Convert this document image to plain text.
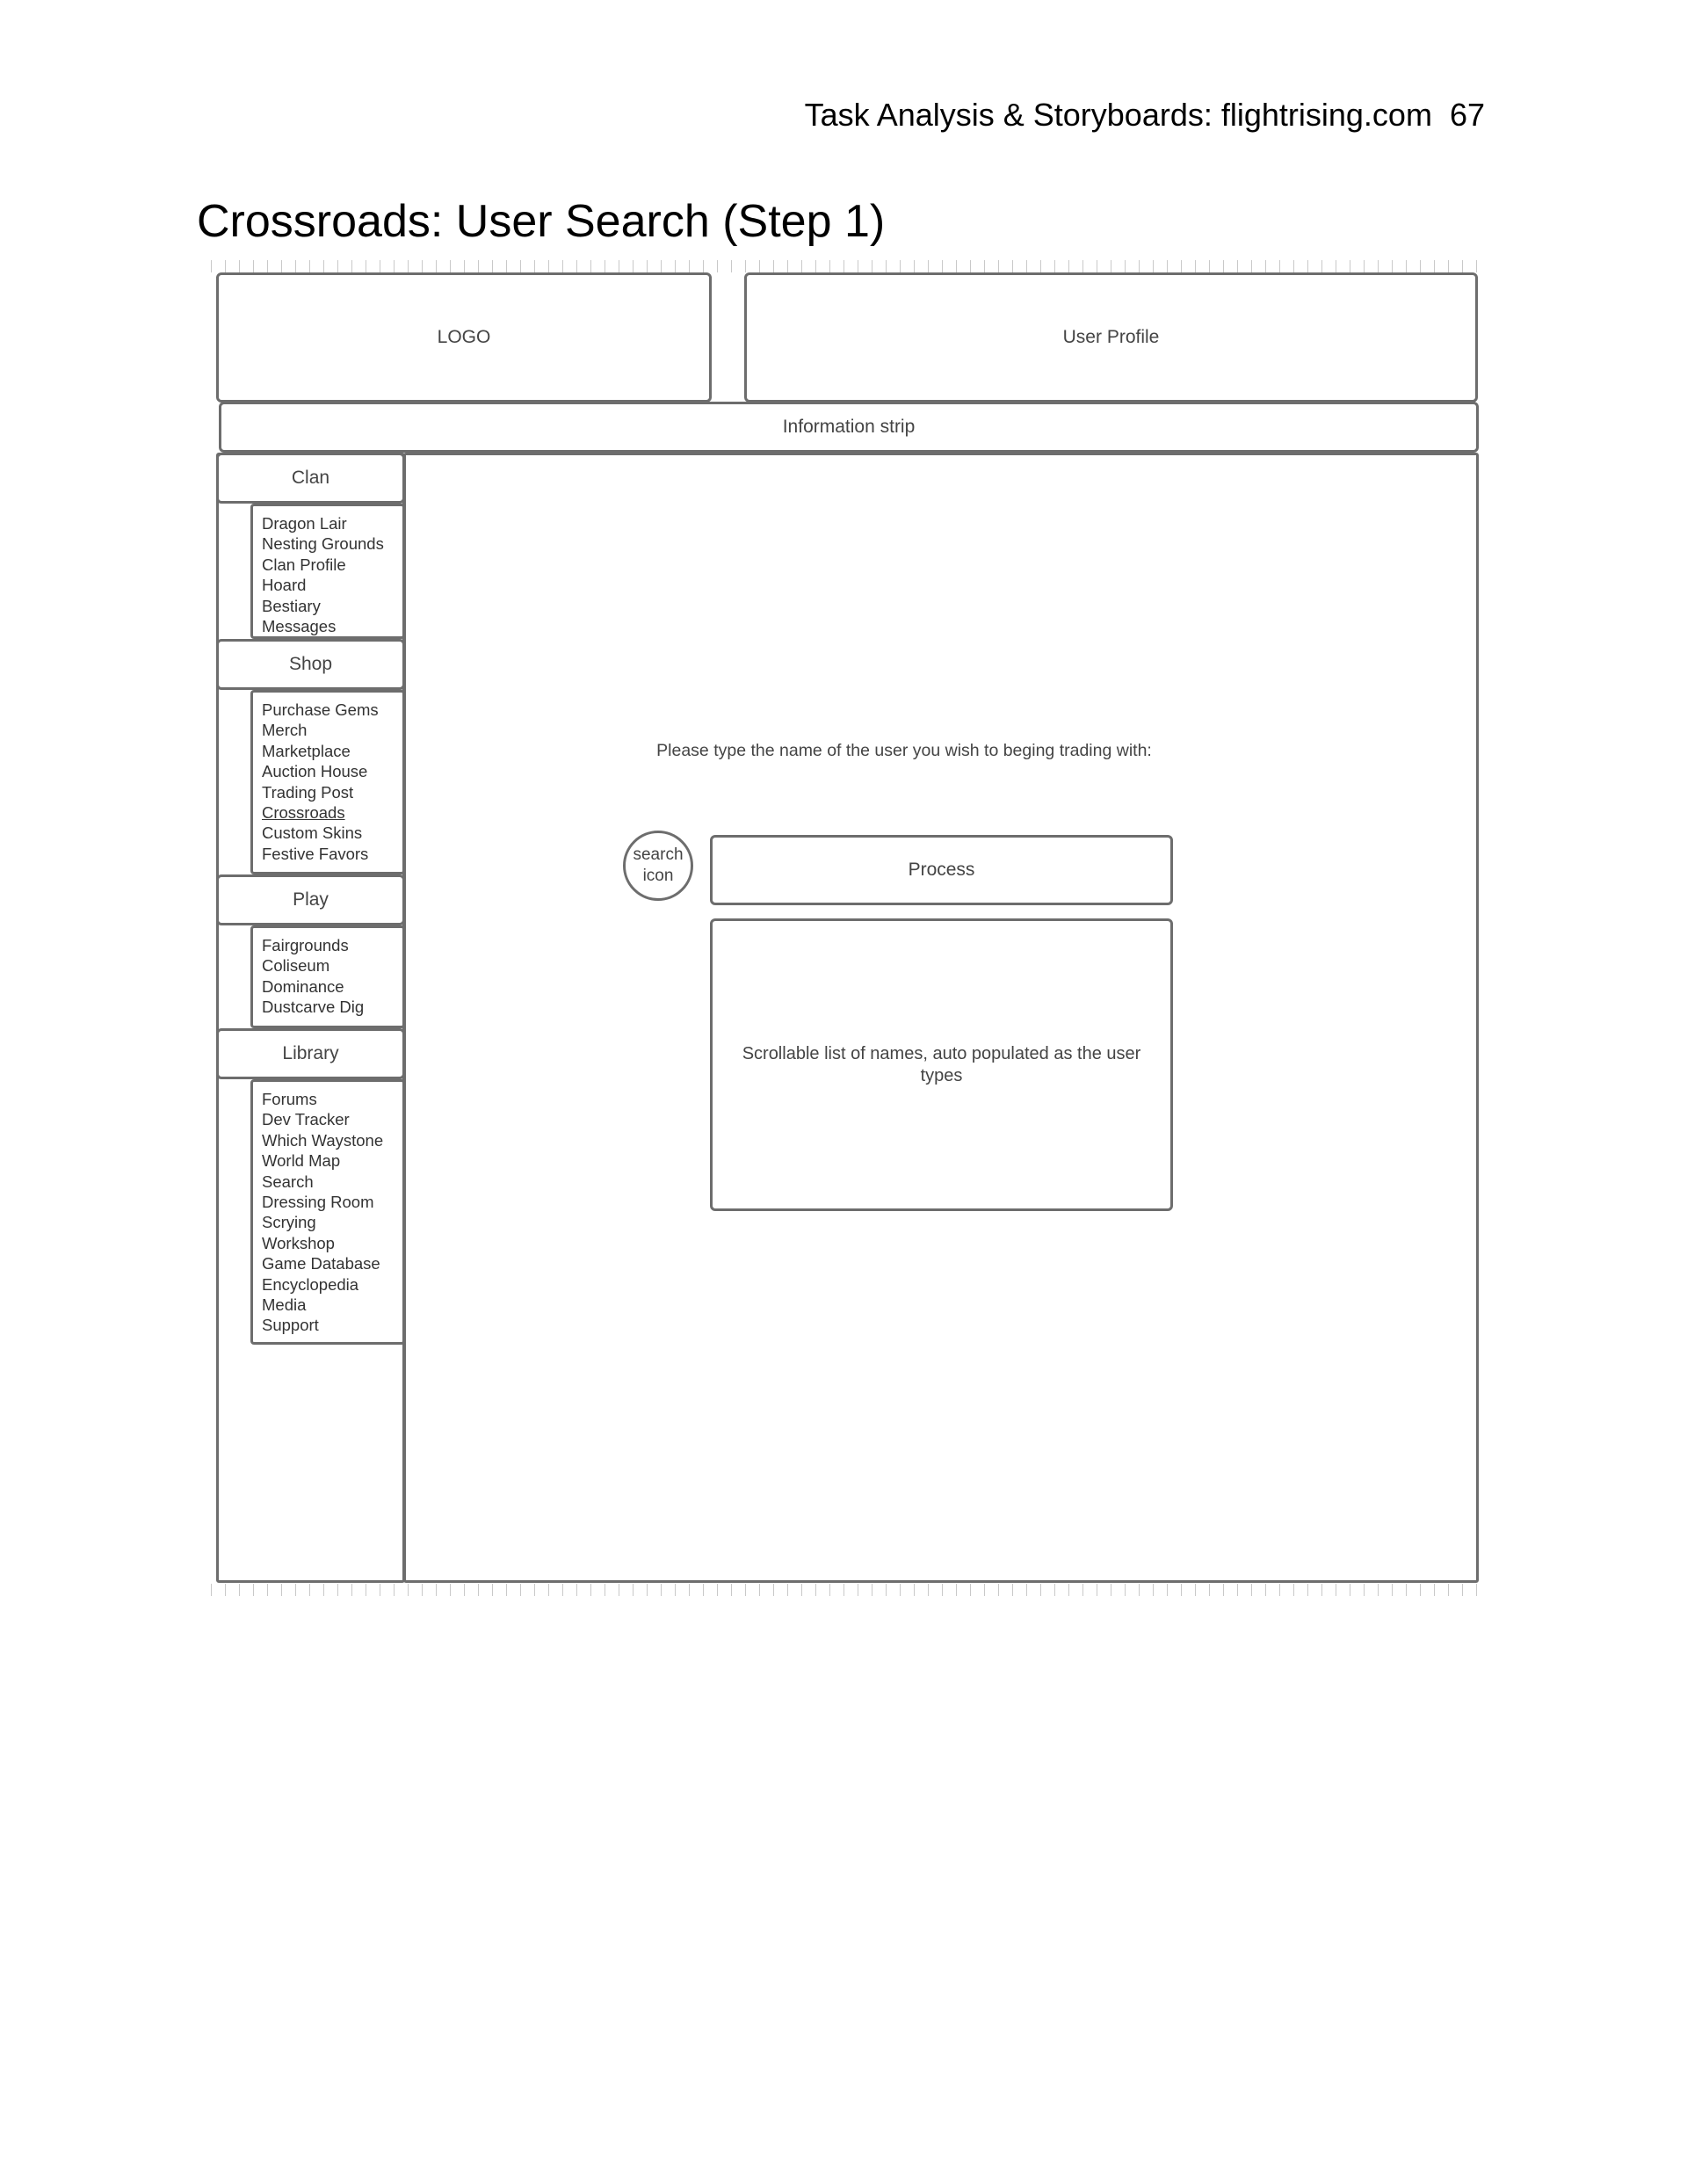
Task Analysis & Storyboards: flightrising.com  67
Crossroads: User Search (Step 1)
LOGO	User Profile
Information strip
Clan
Dragon Lair
Nesting Grounds
Clan Profile
Hoard
Bestiary
Messages
Shop
Purchase Gems
Merch
Marketplace
Auction House
Trading Post
Crossroads
Custom Skins
Festive Favors
Play
Fairgrounds
Coliseum
Dominance
Dustcarve Dig
Library
Forums
Dev Tracker
Which Waystone
World Map
Search
Dressing Room
Scrying
Workshop
Game Database
Encyclopedia
Media
Support
Please type the name of the user you wish to beging trading with:
search icon	Process
Scrollable list of names, auto populated as the user types
